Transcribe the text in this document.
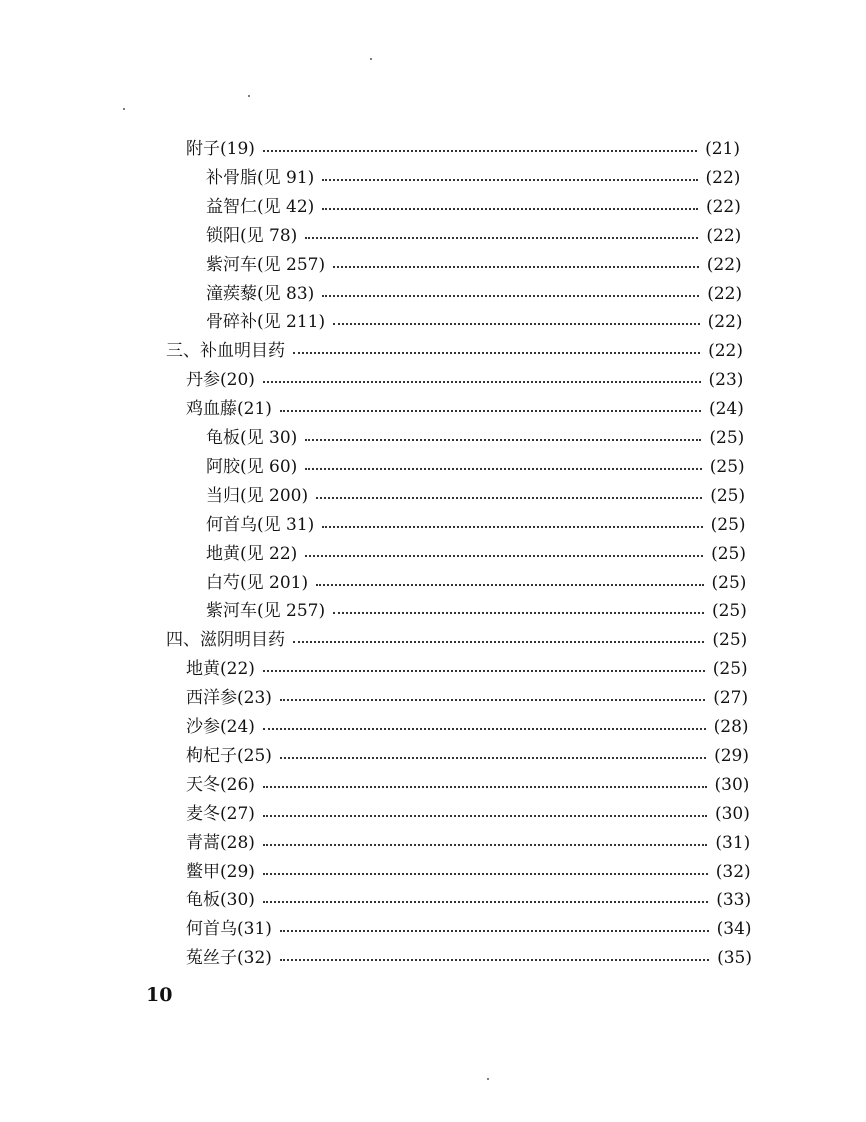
附子(19)	(21)
补骨脂(见 91)	(22)
益智仁(见 42)	(22)
锁阳(见 78)	(22)
紫河车(见 257)	(22)
潼蒺藜(见 83)	(22)
骨碎补(见 211)	(22)
三、补血明目药	(22)
丹参(20)	(23)
鸡血藤(21)	(24)
龟板(见 30)	(25)
阿胶(见 60)	(25)
当归(见 200)	(25)
何首乌(见 31)	(25)
地黄(见 22)	(25)
白芍(见 201)	(25)
紫河车(见 257)	(25)
四、滋阴明目药	(25)
地黄(22)	(25)
西洋参(23)	(27)
沙参(24)	(28)
枸杞子(25)	(29)
天冬(26)	(30)
麦冬(27)	(30)
青蒿(28)	(31)
鳖甲(29)	(32)
龟板(30)	(33)
何首乌(31)	(34)
菟丝子(32)	(35)
10
